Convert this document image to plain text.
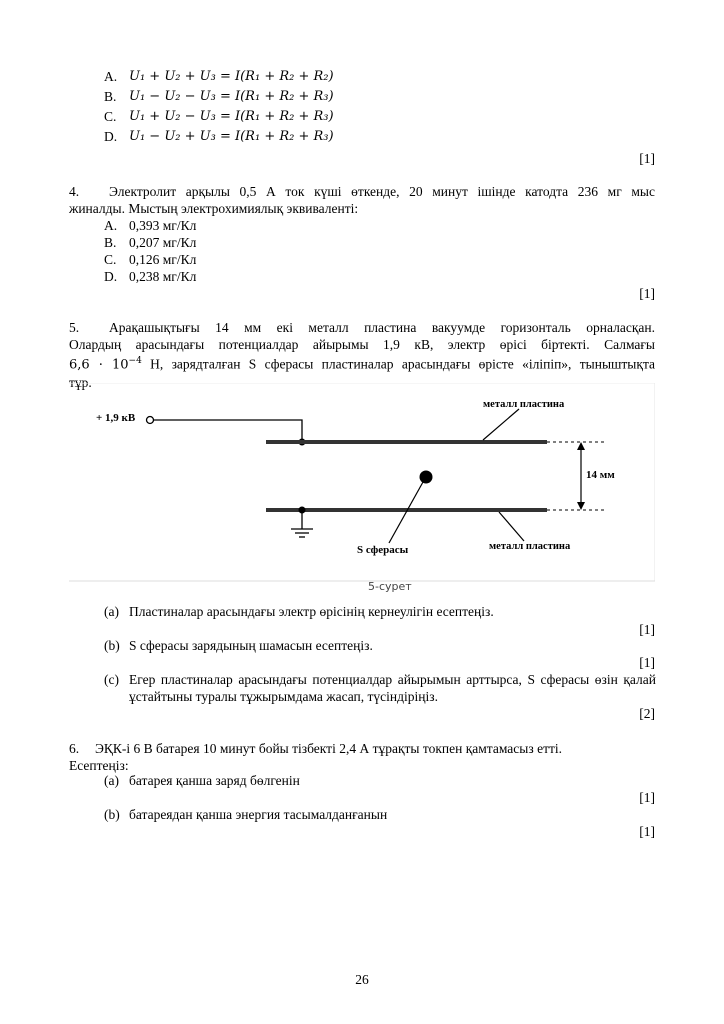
A. U₁ + U₂ + U₃ = I(R₁ + R₂ + R₂)
B. U₁ − U₂ − U₃ = I(R₁ + R₂ + R₃)
C. U₁ + U₂ − U₃ = I(R₁ + R₂ + R₃)
D. U₁ − U₂ + U₃ = I(R₁ + R₂ + R₃)
[1]
4. Электролит арқылы 0,5 А ток күші өткенде, 20 минут ішінде катодта 236 мг мыс
жиналды. Мыстың электрохимиялық эквиваленті:
A. 0,393 мг/Кл
B. 0,207 мг/Кл
C. 0,126 мг/Кл
D. 0,238 мг/Кл
[1]
5. Арақашықтығы 14 мм екі металл пластина вакуумде горизонталь орналасқан.
Олардың арасындағы потенциалдар айырымы 1,9 кВ, электр өрісі біртекті. Салмағы
$6,6 \cdot 10^{-4}$ Н, зарядталған S сферасы пластиналар арасындағы өрісте «іліпіп», тыныштықта
тұр.
+ 1,9 кВ
металл пластина
14 мм
S сферасы	металл пластина
5-сурет
(a) Пластиналар арасындағы электр өрісінің кернеулігін есептеңіз.
[1]
(b) S сферасы зарядының шамасын есептеңіз.
[1]
(c) Егер пластиналар арасындағы потенциалдар айырымын арттырса, S сферасы өзін қалай ұстайтыны туралы тұжырымдама жасап, түсіндіріңіз.
[2]
6. ЭҚК-і 6 В батарея 10 минут бойы тізбекті 2,4 А тұрақты токпен қамтамасыз етті.
Есептеңіз:
(a) батарея қанша заряд бөлгенін
[1]
(b) батареядан қанша энергия тасымалданғанын
[1]
26
